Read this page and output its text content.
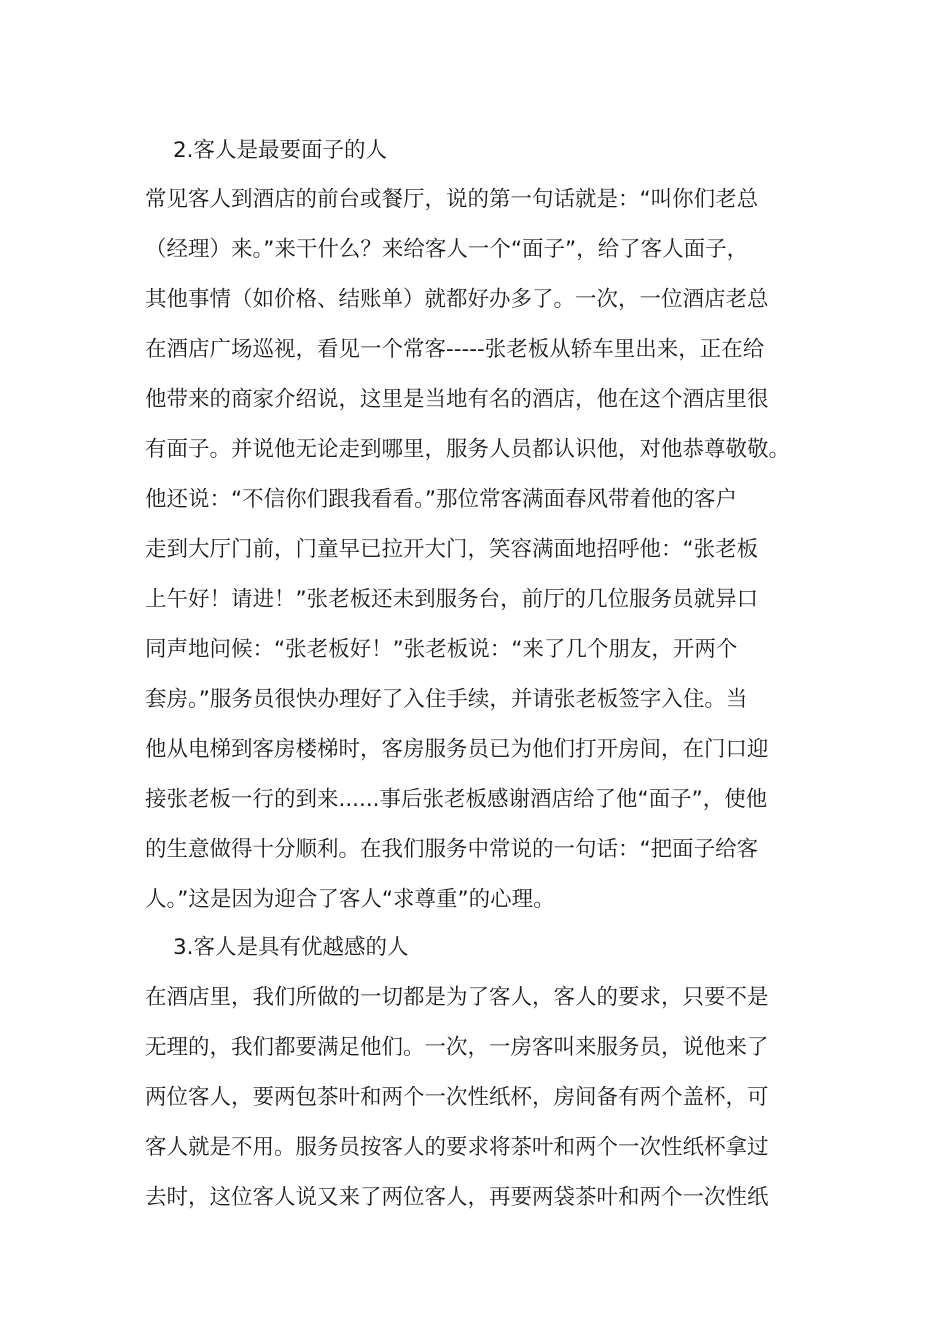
2.客人是最要面子的人
常见客人到酒店的前台或餐厅，说的第一句话就是：“叫你们老总
（经理）来。”来干什么？来给客人一个“面子”，给了客人面子，
其他事情（如价格、结账单）就都好办多了。一次，一位酒店老总
在酒店广场巡视，看见一个常客-----张老板从轿车里出来，正在给
他带来的商家介绍说，这里是当地有名的酒店，他在这个酒店里很
有面子。并说他无论走到哪里，服务人员都认识他，对他恭尊敬敬。
他还说：“不信你们跟我看看。”那位常客满面春风带着他的客户
走到大厅门前，门童早已拉开大门，笑容满面地招呼他：“张老板
上午好！请进！”张老板还未到服务台，前厅的几位服务员就异口
同声地问候：“张老板好！”张老板说：“来了几个朋友，开两个
套房。”服务员很快办理好了入住手续，并请张老板签字入住。当
他从电梯到客房楼梯时，客房服务员已为他们打开房间，在门口迎
接张老板一行的到来......事后张老板感谢酒店给了他“面子”，使他
的生意做得十分顺利。在我们服务中常说的一句话：“把面子给客
人。”这是因为迎合了客人“求尊重”的心理。
3.客人是具有优越感的人
在酒店里，我们所做的一切都是为了客人，客人的要求，只要不是
无理的，我们都要满足他们。一次，一房客叫来服务员，说他来了
两位客人，要两包茶叶和两个一次性纸杯，房间备有两个盖杯，可
客人就是不用。服务员按客人的要求将茶叶和两个一次性纸杯拿过
去时，这位客人说又来了两位客人，再要两袋茶叶和两个一次性纸
